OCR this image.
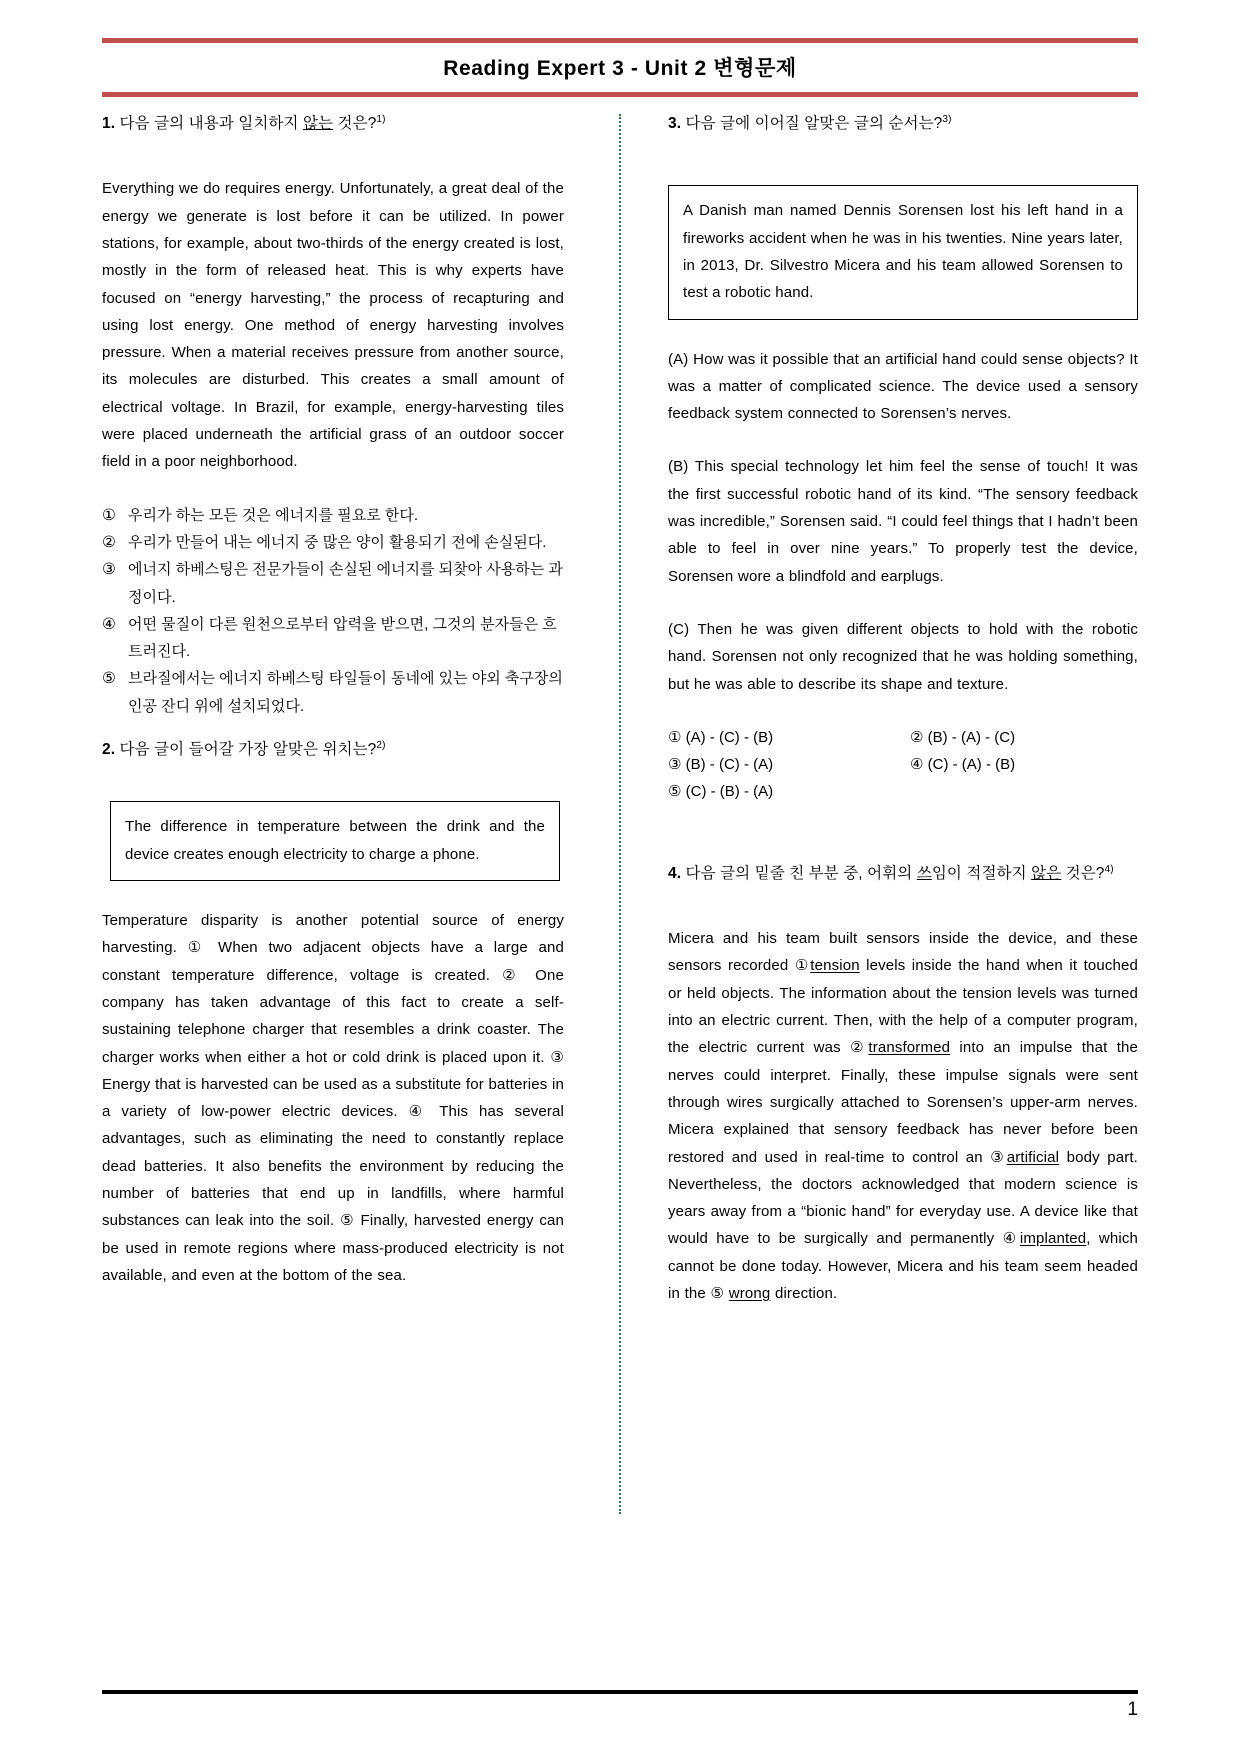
Reading Expert 3 - Unit 2 변형문제
1. 다음 글의 내용과 일치하지 않는 것은?$^{1)}$

Everything we do requires energy. Unfortunately, a great deal of the energy we generate is lost before it can be utilized. In power stations, for example, about two-thirds of the energy created is lost, mostly in the form of released heat. This is why experts have focused on “energy harvesting,” the process of recapturing and using lost energy. One method of energy harvesting involves pressure. When a material receives pressure from another source, its molecules are disturbed. This creates a small amount of electrical voltage. In Brazil, for example, energy-harvesting tiles were placed underneath the artificial grass of an outdoor soccer field in a poor neighborhood.

① 우리가 하는 모든 것은 에너지를 필요로 한다.
② 우리가 만들어 내는 에너지 중 많은 양이 활용되기 전에 손실된다.
③ 에너지 하베스팅은 전문가들이 손실된 에너지를 되찾아 사용하는 과정이다.
④ 어떤 물질이 다른 원천으로부터 압력을 받으면, 그것의 분자들은 흐트러진다.
⑤ 브라질에서는 에너지 하베스팅 타일들이 동네에 있는 야외 축구장의 인공 잔디 위에 설치되었다.
2. 다음 글이 들어갈 가장 알맞은 위치는?$^{2)}$

The difference in temperature between the drink and the device creates enough electricity to charge a phone.

Temperature disparity is another potential source of energy harvesting. ① When two adjacent objects have a large and constant temperature difference, voltage is created. ② One company has taken advantage of this fact to create a self-sustaining telephone charger that resembles a drink coaster. The charger works when either a hot or cold drink is placed upon it. ③ Energy that is harvested can be used as a substitute for batteries in a variety of low-power electric devices. ④ This has several advantages, such as eliminating the need to constantly replace dead batteries. It also benefits the environment by reducing the number of batteries that end up in landfills, where harmful substances can leak into the soil. ⑤ Finally, harvested energy can be used in remote regions where mass-produced electricity is not available, and even at the bottom of the sea.

3. 다음 글에 이어질 알맞은 글의 순서는?$^{3)}$

A Danish man named Dennis Sorensen lost his left hand in a fireworks accident when he was in his twenties. Nine years later, in 2013, Dr. Silvestro Micera and his team allowed Sorensen to test a robotic hand.

(A) How was it possible that an artificial hand could sense objects? It was a matter of complicated science. The device used a sensory feedback system connected to Sorensen’s nerves.

(B) This special technology let him feel the sense of touch! It was the first successful robotic hand of its kind. “The sensory feedback was incredible,” Sorensen said. “I could feel things that I hadn’t been able to feel in over nine years.” To properly test the device, Sorensen wore a blindfold and earplugs.

(C) Then he was given different objects to hold with the robotic hand. Sorensen not only recognized that he was holding something, but he was able to describe its shape and texture.

① (A) - (C) - (B)	② (B) - (A) - (C)
③ (B) - (C) - (A)	④ (C) - (A) - (B)
⑤ (C) - (B) - (A)
4. 다음 글의 밑줄 친 부분 중, 어휘의 쓰임이 적절하지 않은 것은?$^{4)}$

Micera and his team built sensors inside the device, and these sensors recorded ①tension levels inside the hand when it touched or held objects. The information about the tension levels was turned into an electric current. Then, with the help of a computer program, the electric current was ②transformed into an impulse that the nerves could interpret. Finally, these impulse signals were sent through wires surgically attached to Sorensen’s upper-arm nerves. Micera explained that sensory feedback has never before been restored and used in real-time to control an ③artificial body part. Nevertheless, the doctors acknowledged that modern science is years away from a “bionic hand” for everyday use. A device like that would have to be surgically and permanently ④implanted, which cannot be done today. However, Micera and his team seem headed in the ⑤ wrong direction.

1
